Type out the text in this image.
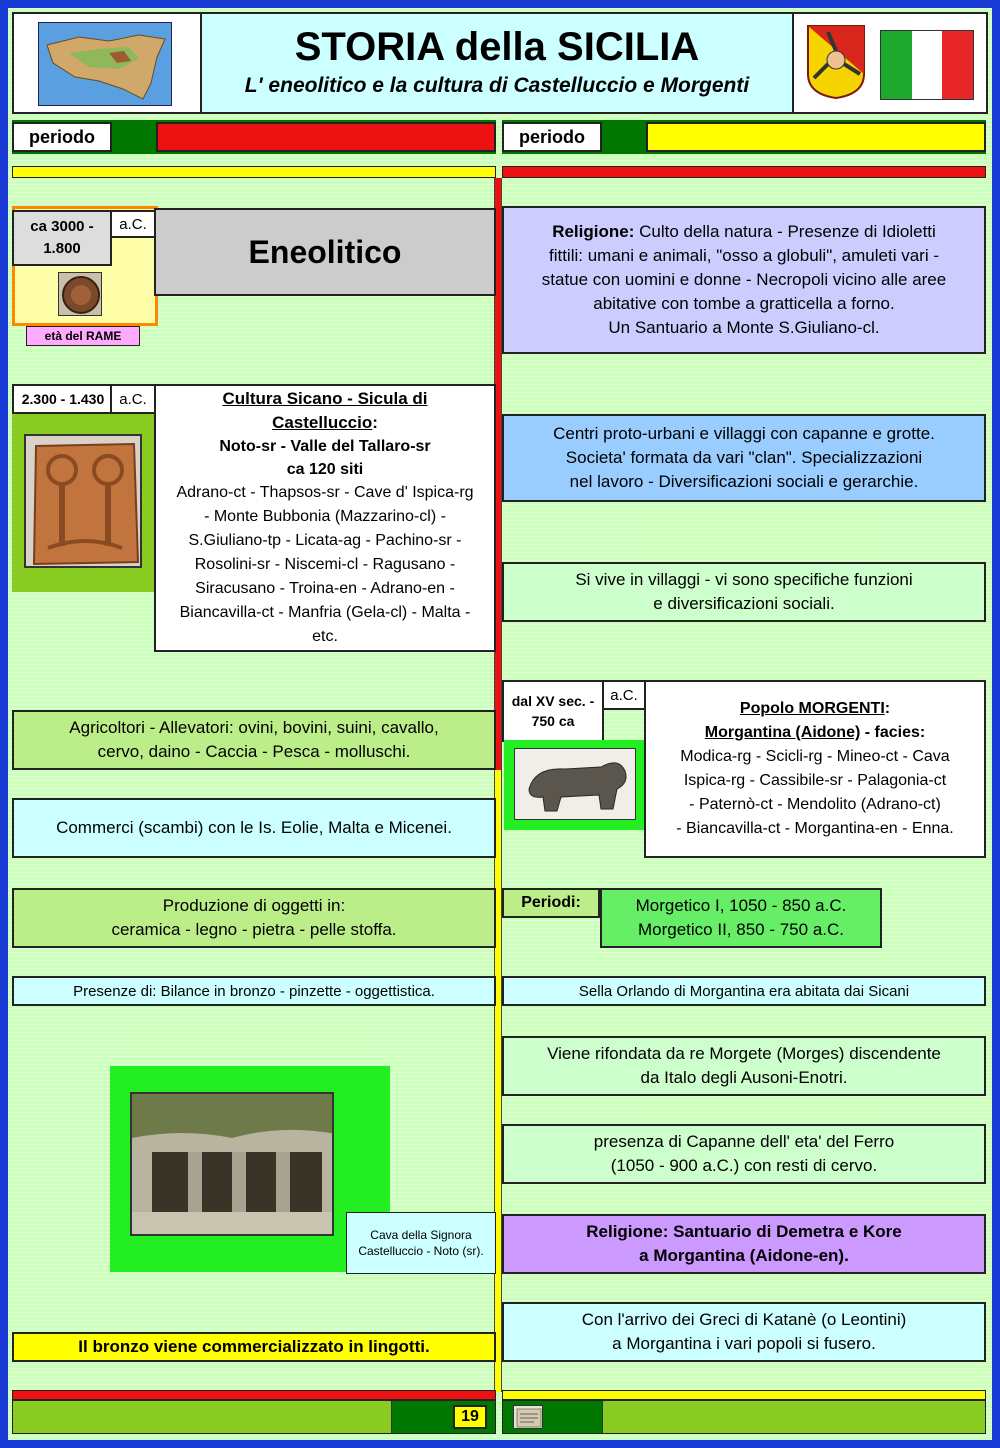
STORIA della SICILIA
L' eneolitico e la cultura di Castelluccio e Morgenti
periodo	periodo
ca 3000 - 1.800
a.C.
età del RAME
Eneolitico
2.300 - 1.430 a.C.	Cultura Sicano - Sicula di
Castelluccio:
Noto-sr - Valle del Tallaro-sr
ca 120 siti
Adrano-ct - Thapsos-sr - Cave d' Ispica-rg
- Monte Bubbonia (Mazzarino-cl) -
S.Giuliano-tp - Licata-ag - Pachino-sr -
Rosolini-sr - Niscemi-cl - Ragusano -
Siracusano - Troina-en - Adrano-en -
Biancavilla-ct - Manfria (Gela-cl) - Malta -
etc.
Agricoltori - Allevatori: ovini, bovini, suini, cavallo,
cervo, daino - Caccia - Pesca - molluschi.
Commerci (scambi) con le Is. Eolie, Malta e Micenei.
Produzione di oggetti in:
ceramica - legno - pietra - pelle stoffa.
Presenze di: Bilance in bronzo - pinzette - oggettistica.
Cava della Signora
Castelluccio - Noto (sr).
Il bronzo viene commercializzato in lingotti.
Religione: Culto della natura - Presenze di Idioletti
fittili: umani e animali, "osso a globuli", amuleti vari -
statue con uomini e donne - Necropoli vicino alle aree
abitative con tombe a gratticella a forno.
Un Santuario a Monte S.Giuliano-cl.
Centri proto-urbani e villaggi con capanne e grotte.
Societa' formata da vari "clan". Specializzazioni
nel lavoro - Diversificazioni sociali e gerarchie.
Si vive in villaggi - vi sono specifiche funzioni
e diversificazioni sociali.
dal XV sec. - 750 ca
a.C.
Popolo MORGENTI:
Morgantina (Aidone) - facies:
Modica-rg - Scicli-rg - Mineo-ct - Cava
Ispica-rg - Cassibile-sr - Palagonia-ct
- Paternò-ct - Mendolito (Adrano-ct)
- Biancavilla-ct - Morgantina-en - Enna.
Periodi:	Morgetico I, 1050 - 850 a.C.
Morgetico II, 850 - 750 a.C.
Sella Orlando di Morgantina era abitata dai Sicani
Viene rifondata da re Morgete (Morges) discendente
da Italo degli Ausoni-Enotri.
presenza di Capanne dell' eta' del Ferro
(1050 - 900 a.C.) con resti di cervo.
Religione: Santuario di Demetra e Kore
a Morgantina (Aidone-en).
Con l'arrivo dei Greci di Katanè (o Leontini)
a Morgantina i vari popoli si fusero.
19
